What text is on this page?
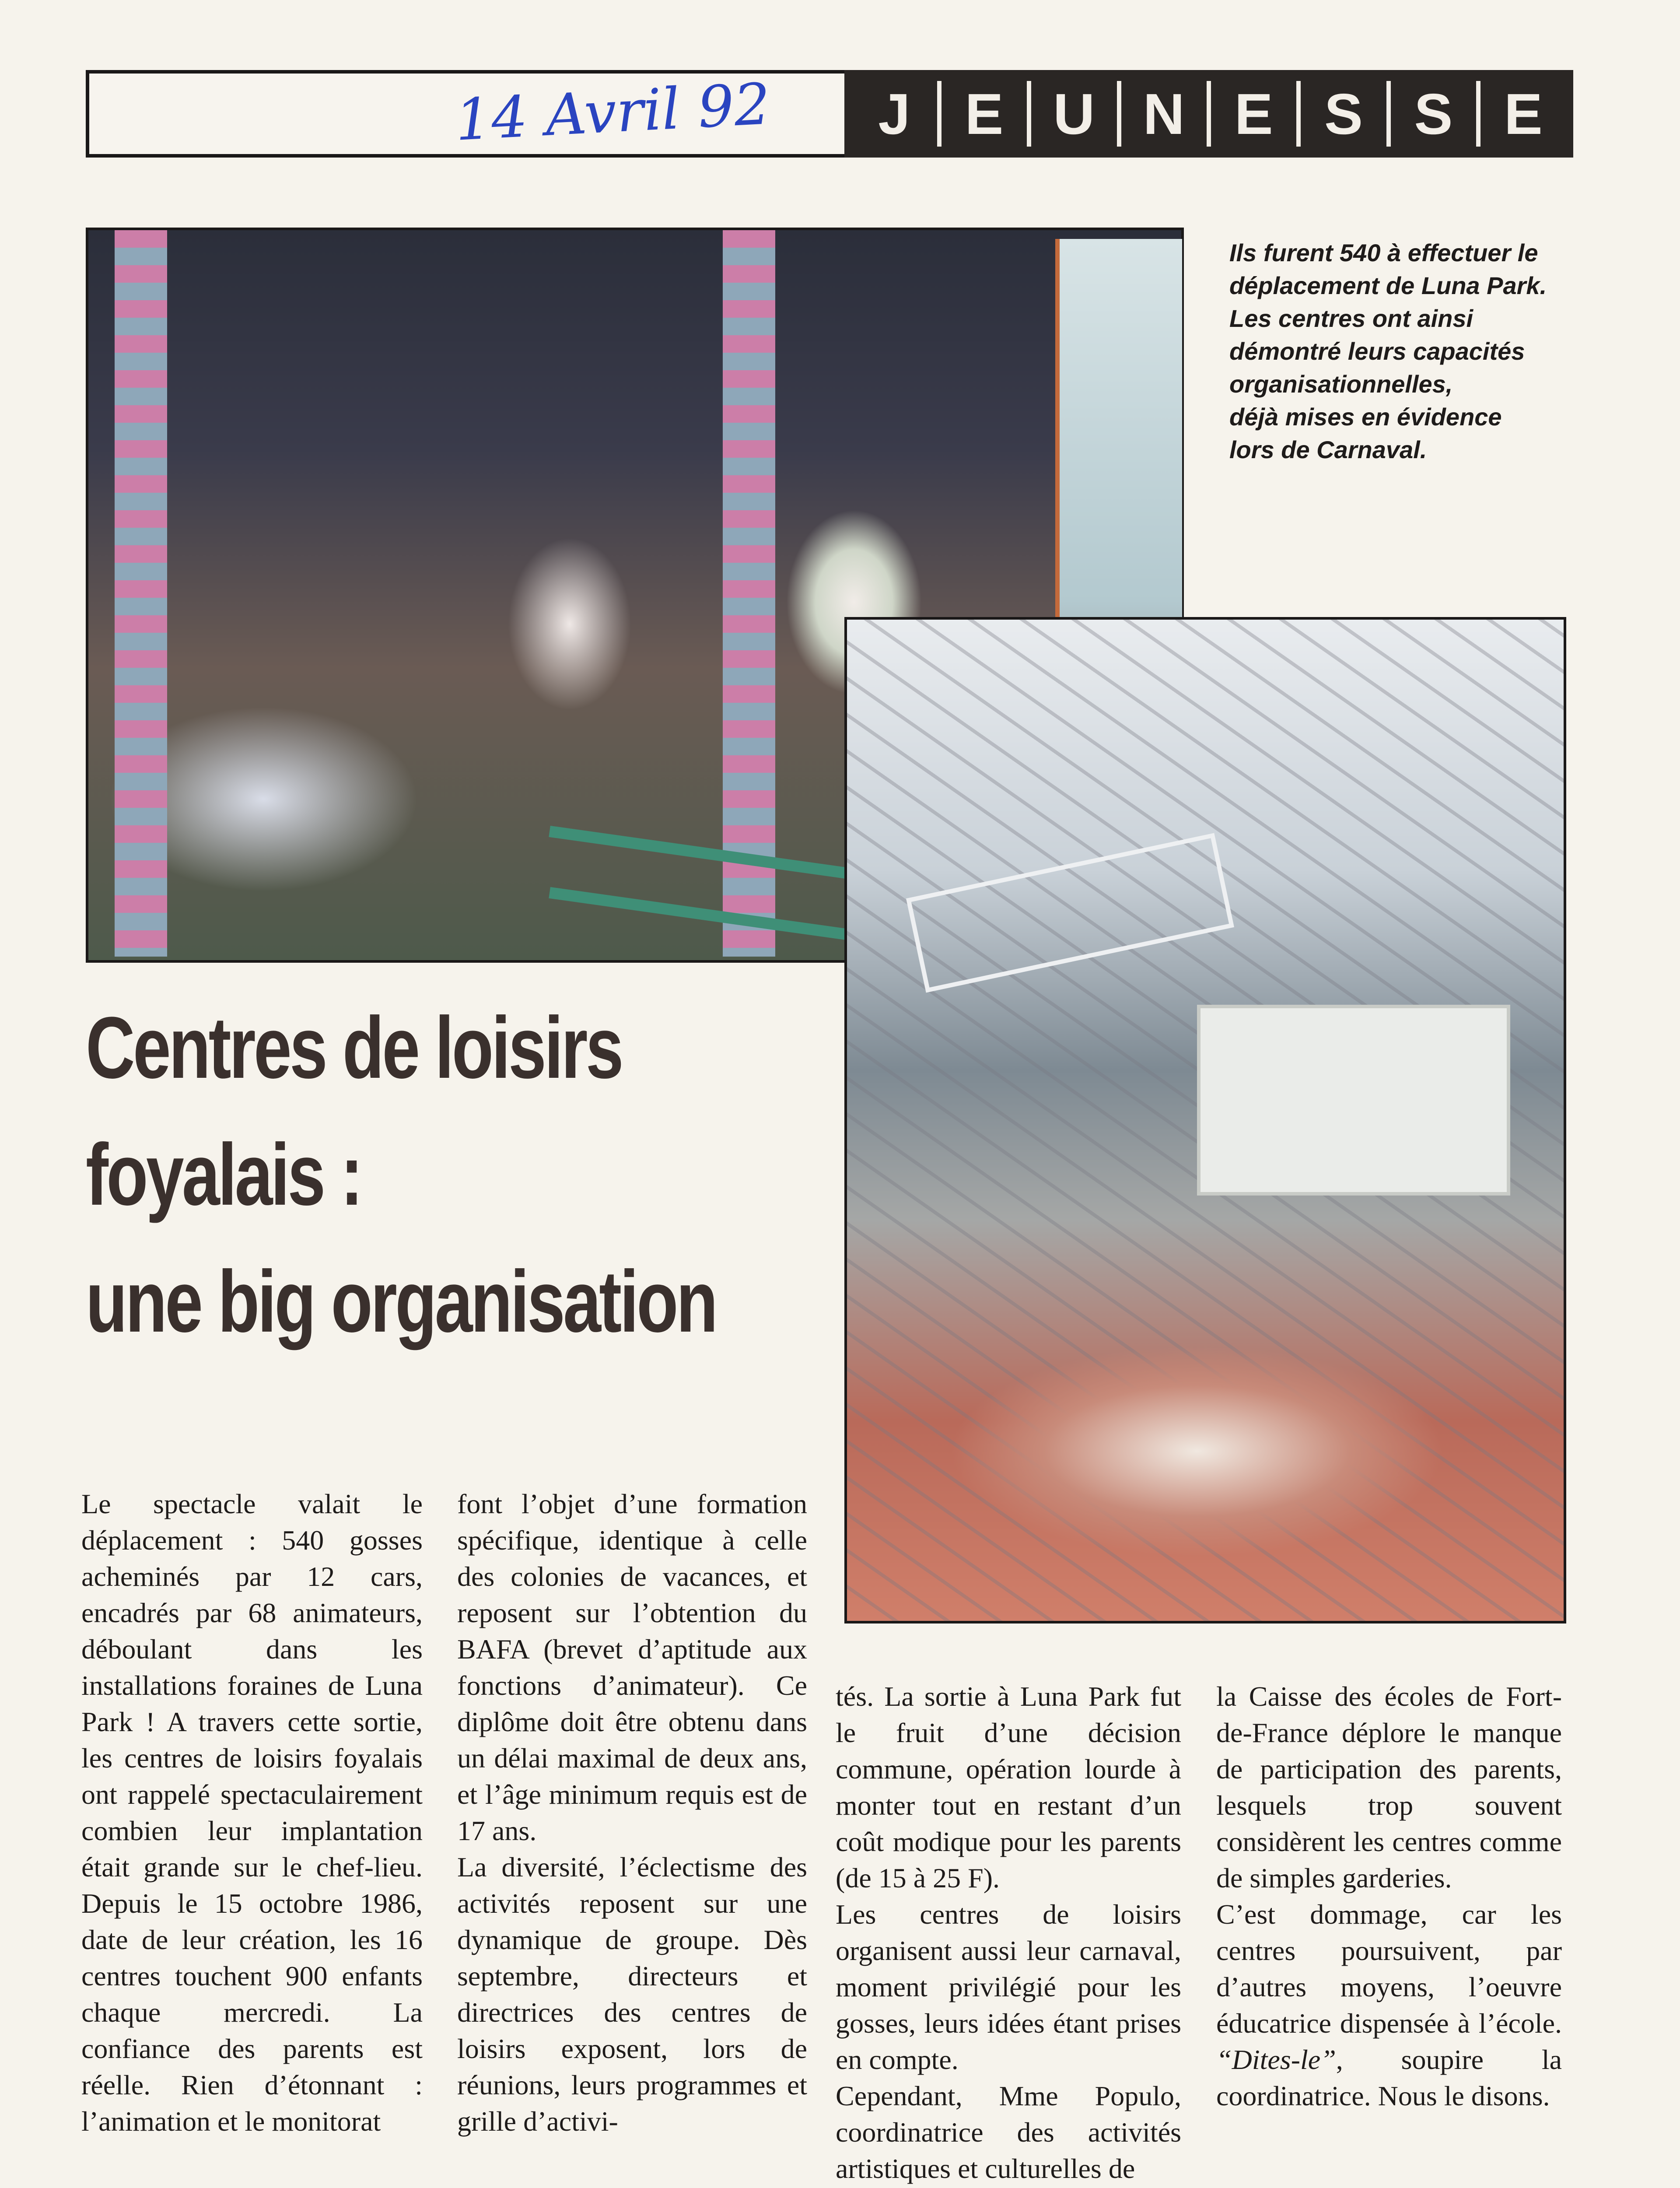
14 Avril 92	J E U N E S S E

Ils furent 540 à effectuer le

déplacement de Luna Park.

Les centres ont ainsi

démontré leurs capacités

organisationnelles,

déjà mises en évidence

lors de Carnaval.

Centres de loisirs
foyalais :
une big organisation

Le spectacle valait le déplacement : 540 gosses acheminés par 12 cars, encadrés par 68 animateurs, déboulant dans les installations foraines de Luna Park ! A travers cette sortie, les centres de loisirs foyalais ont rappelé spectaculairement combien leur implantation était grande sur le chef-lieu. Depuis le 15 octobre 1986, date de leur création, les 16 centres touchent 900 enfants chaque mercredi. La confiance des parents est réelle. Rien d’étonnant : l’animation et le monitorat

font l’objet d’une formation spécifique, identique à celle des colonies de vacances, et reposent sur l’obtention du BAFA (brevet d’aptitude aux fonctions d’animateur). Ce diplôme doit être obtenu dans un délai maximal de deux ans, et l’âge minimum requis est de 17 ans.

La diversité, l’éclectisme des activités reposent sur une dynamique de groupe. Dès septembre, directeurs et directrices des centres de loisirs exposent, lors de réunions, leurs programmes et grille d’activi-

tés. La sortie à Luna Park fut le fruit d’une décision commune, opération lourde à monter tout en restant d’un coût modique pour les parents (de 15 à 25 F).

Les centres de loisirs organisent aussi leur carnaval, moment privilégié pour les gosses, leurs idées étant prises en compte.

Cependant, Mme Populo, coordinatrice des activités artistiques et culturelles de

la Caisse des écoles de Fort-de-France déplore le manque de participation des parents, lesquels trop souvent considèrent les centres comme de simples garderies.

C’est dommage, car les centres poursuivent, par d’autres moyens, l’oeuvre éducatrice dispensée à l’école. “Dites-le”, soupire la coordinatrice. Nous le disons.
